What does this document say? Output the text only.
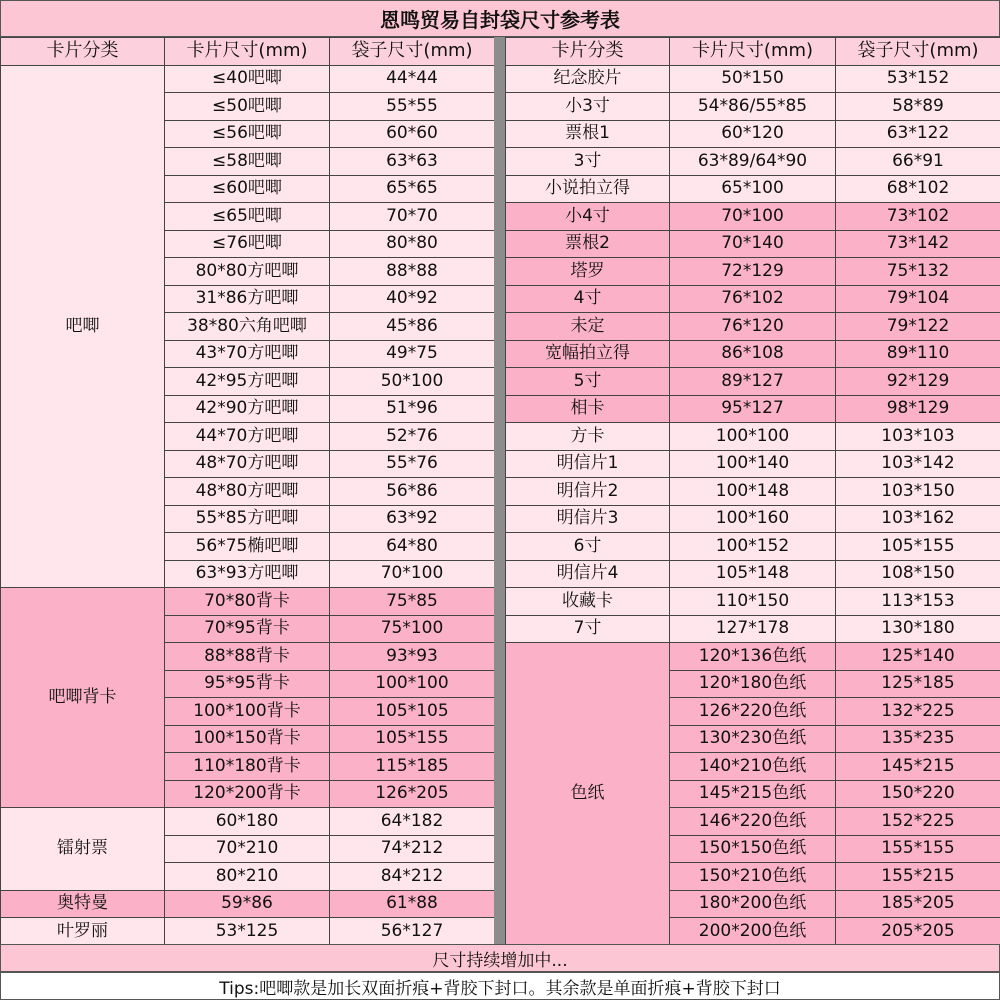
恩鸣贸易自封袋尺寸参考表
卡片分类	卡片尺寸(mm)	袋子尺寸(mm)
吧唧	≤40吧唧	44*44
	≤50吧唧	55*55
	≤56吧唧	60*60
	≤58吧唧	63*63
	≤60吧唧	65*65
	≤65吧唧	70*70
	≤76吧唧	80*80
	80*80方吧唧	88*88
	31*86方吧唧	40*92
	38*80六角吧唧	45*86
	43*70方吧唧	49*75
	42*95方吧唧	50*100
	42*90方吧唧	51*96
	44*70方吧唧	52*76
	48*70方吧唧	55*76
	48*80方吧唧	56*86
	55*85方吧唧	63*92
	56*75椭吧唧	64*80
	63*93方吧唧	70*100
吧唧背卡	70*80背卡	75*85
	70*95背卡	75*100
	88*88背卡	93*93
	95*95背卡	100*100
	100*100背卡	105*105
	100*150背卡	105*155
	110*180背卡	115*185
	120*200背卡	126*205
镭射票	60*180	64*182
	70*210	74*212
	80*210	84*212
奥特曼	59*86	61*88
叶罗丽	53*125	56*127
卡片分类	卡片尺寸(mm)	袋子尺寸(mm)
纪念胶片	50*150	53*152
小3寸	54*86/55*85	58*89
票根1	60*120	63*122
3寸	63*89/64*90	66*91
小说拍立得	65*100	68*102
小4寸	70*100	73*102
票根2	70*140	73*142
塔罗	72*129	75*132
4寸	76*102	79*104
未定	76*120	79*122
宽幅拍立得	86*108	89*110
5寸	89*127	92*129
相卡	95*127	98*129
方卡	100*100	103*103
明信片1	100*140	103*142
明信片2	100*148	103*150
明信片3	100*160	103*162
6寸	100*152	105*155
明信片4	105*148	108*150
收藏卡	110*150	113*153
7寸	127*178	130*180
色纸	120*136色纸	125*140
	120*180色纸	125*185
	126*220色纸	132*225
	130*230色纸	135*235
	140*210色纸	145*215
	145*215色纸	150*220
	146*220色纸	152*225
	150*150色纸	155*155
	150*210色纸	155*215
	180*200色纸	185*205
	200*200色纸	205*205
尺寸持续增加中...
Tips:吧唧款是加长双面折痕+背胶下封口。其余款是单面折痕+背胶下封口
